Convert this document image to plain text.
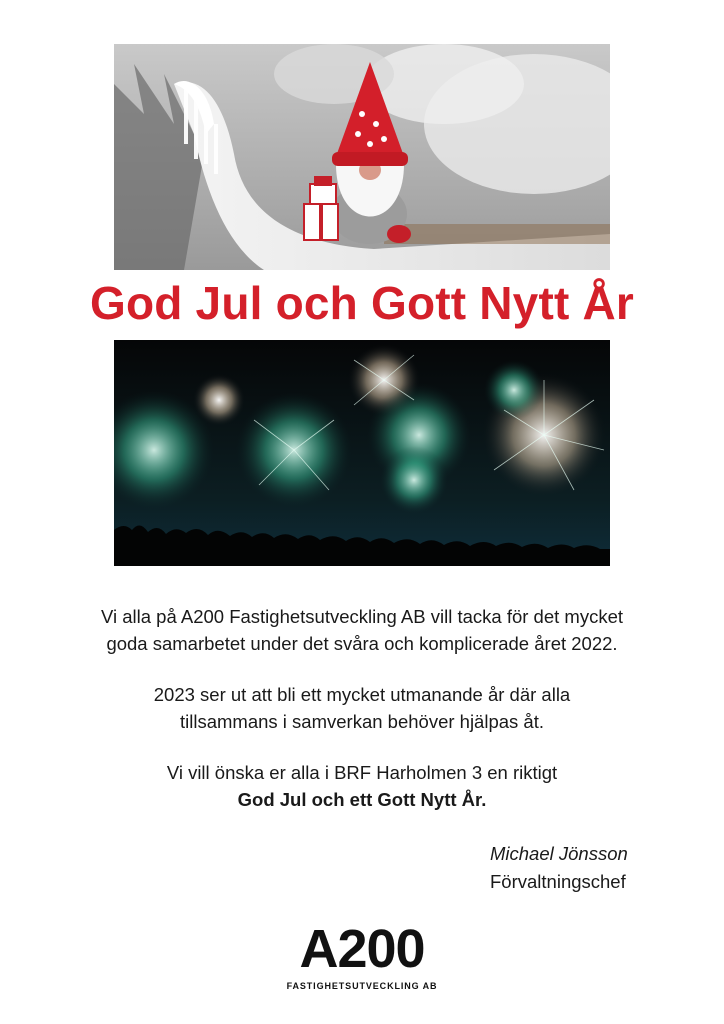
God Jul och Gott Nytt År
Vi alla på A200 Fastighetsutveckling AB vill tacka för det mycket
goda samarbetet under det svåra och komplicerade året 2022.
2023 ser ut att bli ett mycket utmanande år där alla
tillsammans i samverkan behöver hjälpas åt.
Vi vill önska er alla i BRF Harholmen 3 en riktigt
God Jul och ett Gott Nytt År.
Michael Jönsson
Förvaltningschef
A200
FASTIGHETSUTVECKLING AB
